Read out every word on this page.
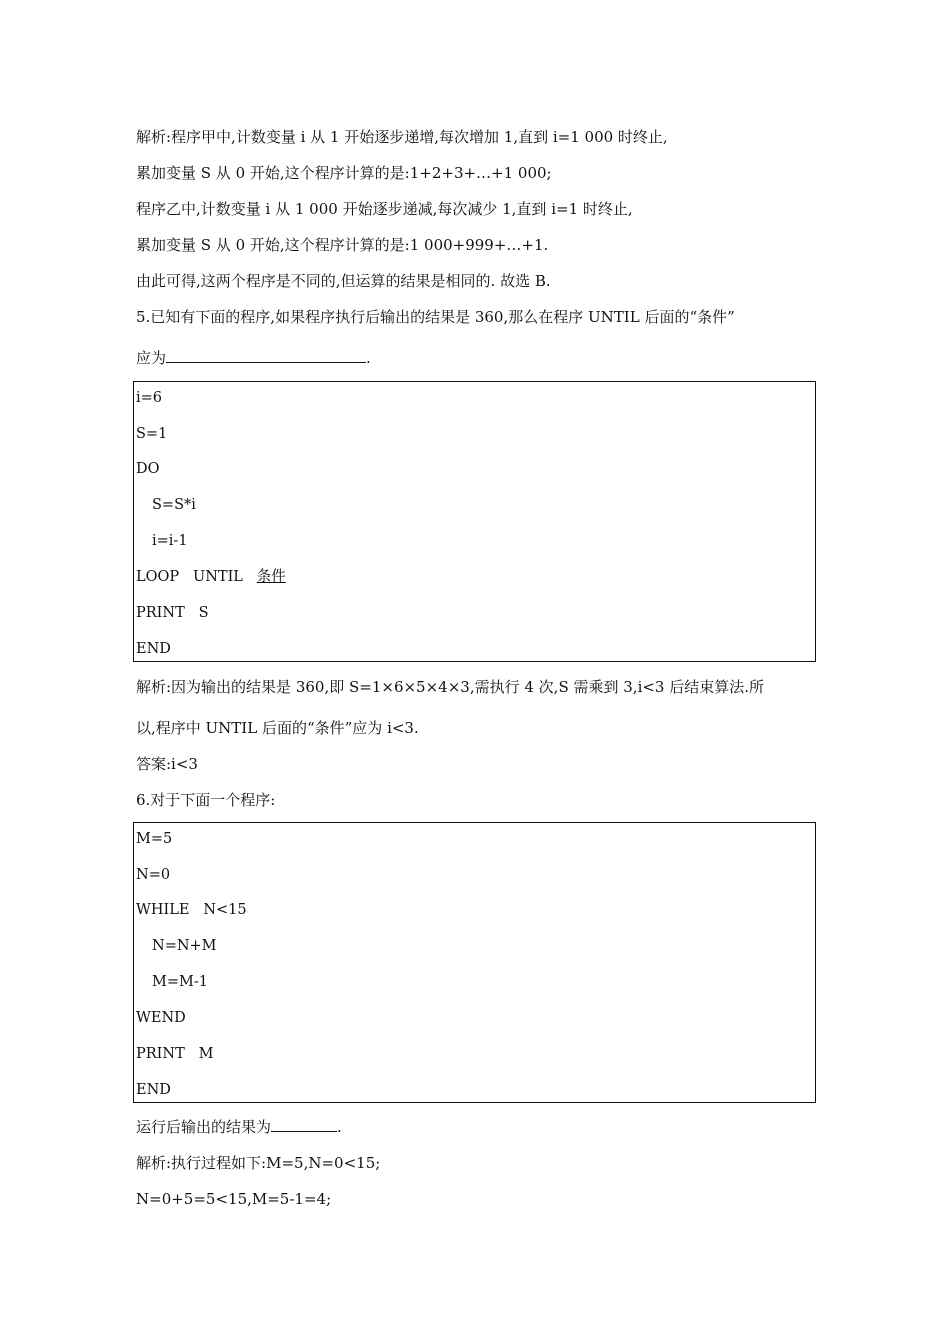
解析:程序甲中,计数变量 i 从 1 开始逐步递增,每次增加 1,直到 i=1 000 时终止,
累加变量 S 从 0 开始,这个程序计算的是:1+2+3+…+1 000;
程序乙中,计数变量 i 从 1 000 开始逐步递减,每次减少 1,直到 i=1 时终止,
累加变量 S 从 0 开始,这个程序计算的是:1 000+999+…+1.
由此可得,这两个程序是不同的,但运算的结果是相同的. 故选 B.
5.已知有下面的程序,如果程序执行后输出的结果是 360,那么在程序 UNTIL 后面的“条件”
应为	.
i=6
S=1
DO
S=S*i
i=i-1
LOOP   UNTIL   条件
PRINT   S
END
解析:因为输出的结果是 360,即 S=1×6×5×4×3,需执行 4 次,S 需乘到 3,i<3 后结束算法.所
以,程序中 UNTIL 后面的“条件”应为 i<3.
答案:i<3
6.对于下面一个程序:
M=5
N=0
WHILE   N<15
N=N+M
M=M-1
WEND
PRINT   M
END
运行后输出的结果为	.
解析:执行过程如下:M=5,N=0<15;
N=0+5=5<15,M=5-1=4;
